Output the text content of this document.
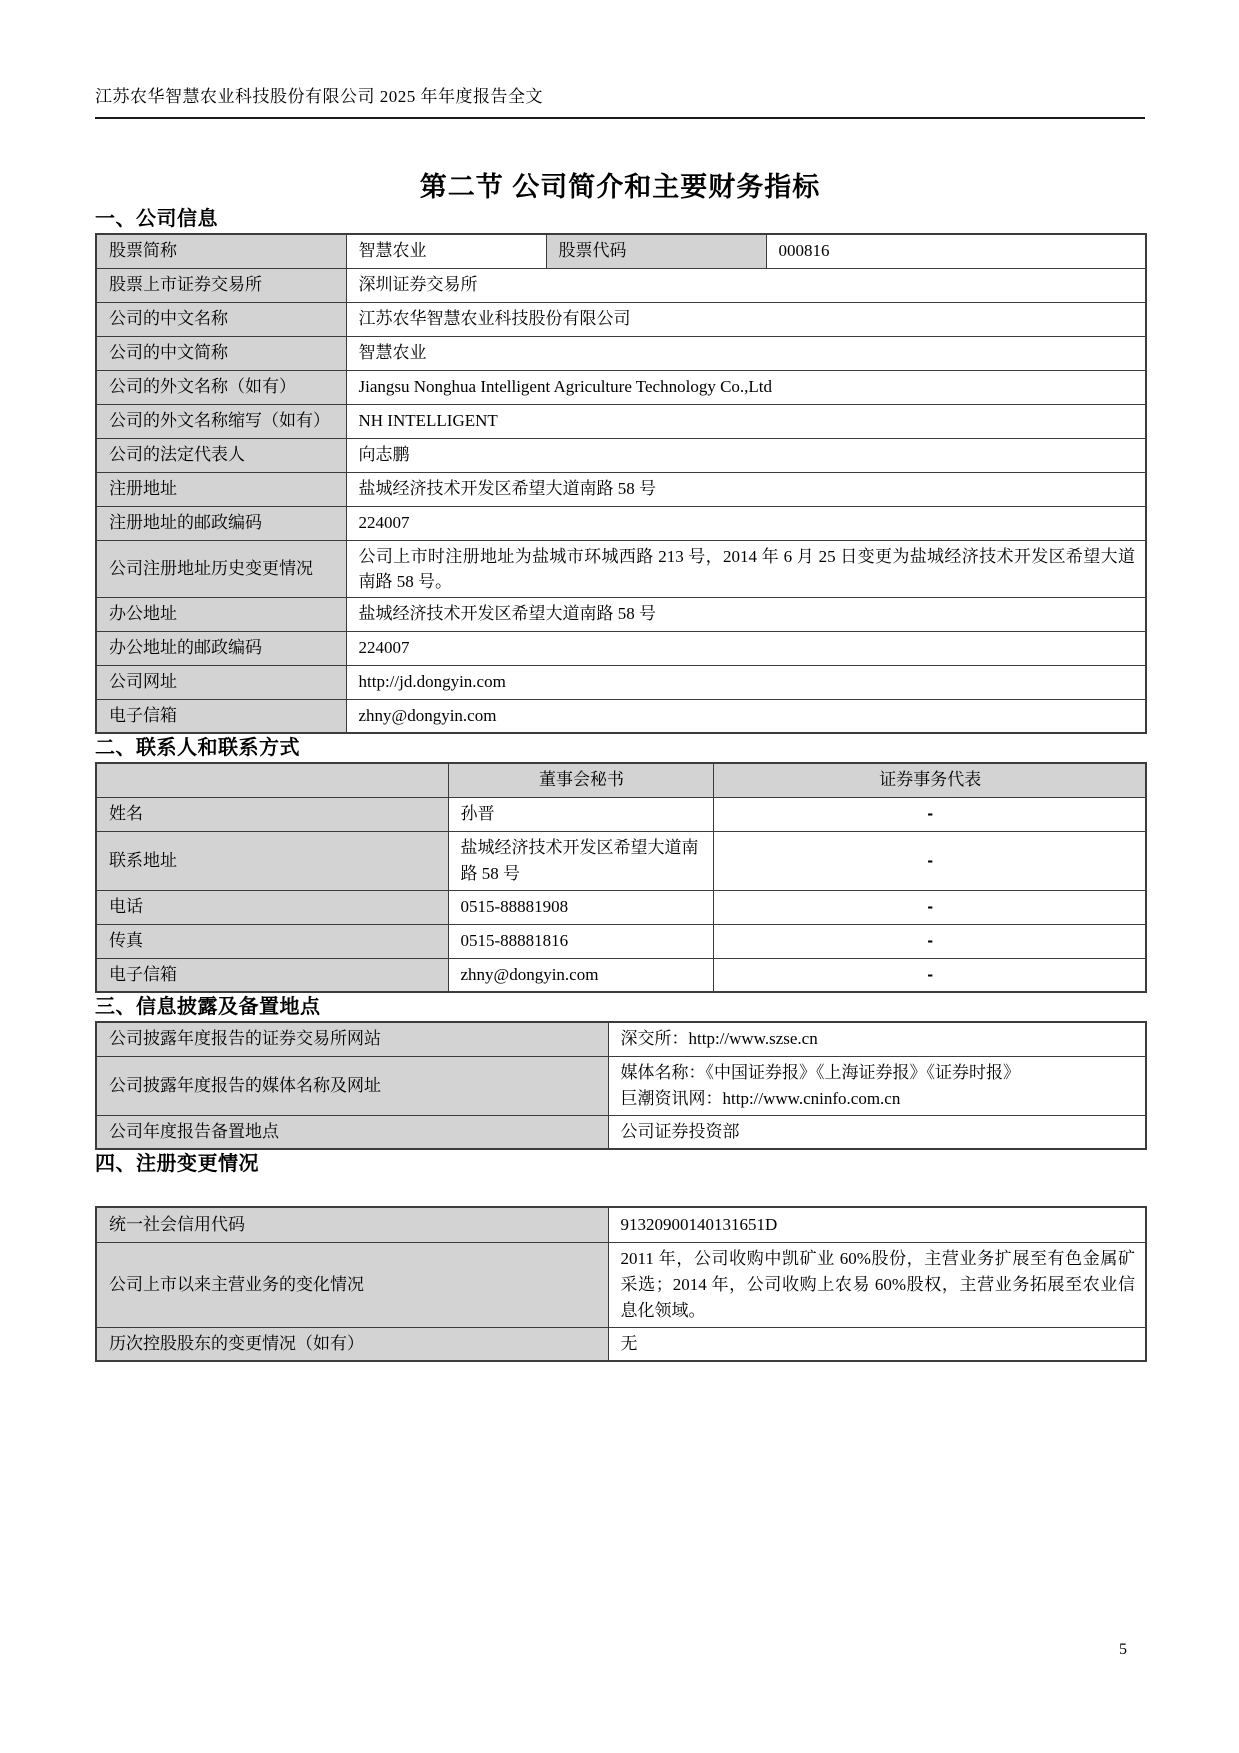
江苏农华智慧农业科技股份有限公司 2025 年年度报告全文
第二节 公司简介和主要财务指标
一、公司信息
股票简称	智慧农业	股票代码	000816
股票上市证券交易所	深圳证券交易所		
公司的中文名称	江苏农华智慧农业科技股份有限公司		
公司的中文简称	智慧农业		
公司的外文名称（如有）	Jiangsu Nonghua Intelligent Agriculture Technology Co.,Ltd		
公司的外文名称缩写（如有）	NH INTELLIGENT		
公司的法定代表人	向志鹏		
注册地址	盐城经济技术开发区希望大道南路 58 号		
注册地址的邮政编码	224007		
公司注册地址历史变更情况	公司上市时注册地址为盐城市环城西路 213 号，2014 年 6 月 25 日变更为盐城经济技术开发区希望大道南路 58 号。		
办公地址	盐城经济技术开发区希望大道南路 58 号		
办公地址的邮政编码	224007		
公司网址	http://jd.dongyin.com		
电子信箱	zhny@dongyin.com		
二、联系人和联系方式
	董事会秘书	证券事务代表
姓名	孙晋	-
联系地址	盐城经济技术开发区希望大道南路 58 号	-
电话	0515-88881908	-
传真	0515-88881816	-
电子信箱	zhny@dongyin.com	-
三、信息披露及备置地点
公司披露年度报告的证券交易所网站	深交所：http://www.szse.cn
公司披露年度报告的媒体名称及网址	媒体名称：《中国证券报》《上海证券报》《证券时报》
巨潮资讯网：http://www.cninfo.com.cn

公司年度报告备置地点	公司证券投资部
四、注册变更情况
统一社会信用代码	91320900140131651D
公司上市以来主营业务的变化情况	2011 年，公司收购中凯矿业 60%股份，主营业务扩展至有色金属矿采选；2014 年，公司收购上农易 60%股权，主营业务拓展至农业信息化领域。
历次控股股东的变更情况（如有）	无
5
